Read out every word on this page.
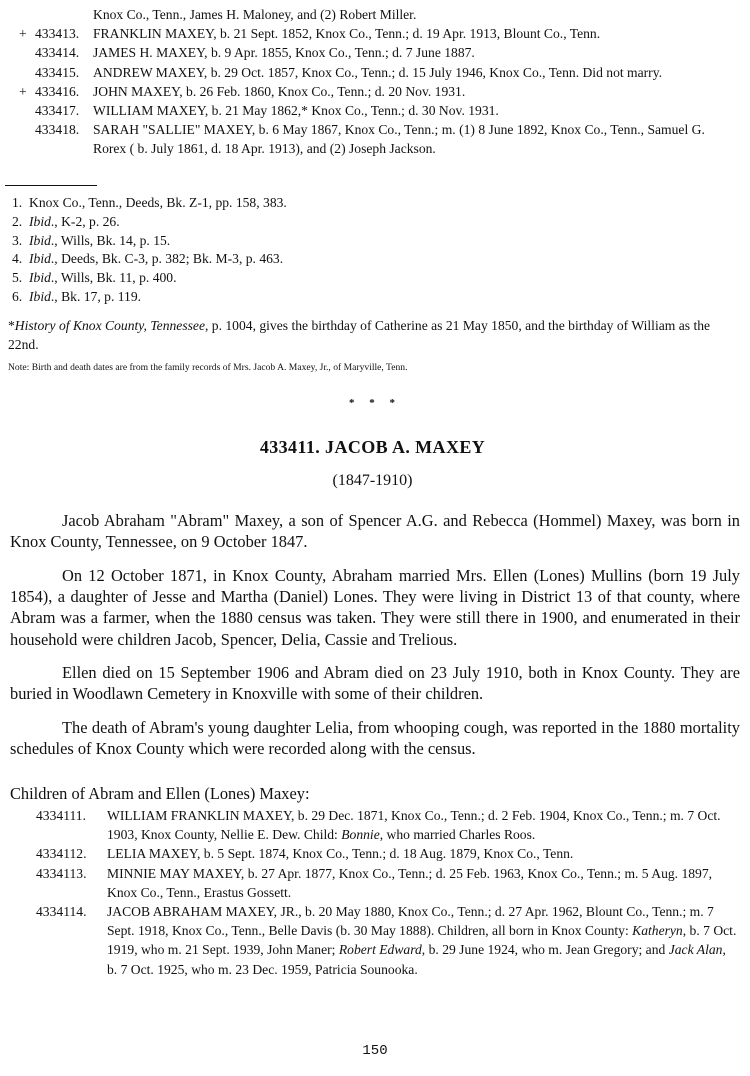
Knox Co., Tenn., James H. Maloney, and (2) Robert Miller.
+ 433413. FRANKLIN MAXEY, b. 21 Sept. 1852, Knox Co., Tenn.; d. 19 Apr. 1913, Blount Co., Tenn.
433414. JAMES H. MAXEY, b. 9 Apr. 1855, Knox Co., Tenn.; d. 7 June 1887.
433415. ANDREW MAXEY, b. 29 Oct. 1857, Knox Co., Tenn.; d. 15 July 1946, Knox Co., Tenn. Did not marry.
+ 433416. JOHN MAXEY, b. 26 Feb. 1860, Knox Co., Tenn.; d. 20 Nov. 1931.
433417. WILLIAM MAXEY, b. 21 May 1862,* Knox Co., Tenn.; d. 30 Nov. 1931.
433418. SARAH "SALLIE" MAXEY, b. 6 May 1867, Knox Co., Tenn.; m. (1) 8 June 1892, Knox Co., Tenn., Samuel G. Rorex ( b. July 1861, d. 18 Apr. 1913), and (2) Joseph Jackson.
1. Knox Co., Tenn., Deeds, Bk. Z-1, pp. 158, 383.
2. Ibid., K-2, p. 26.
3. Ibid., Wills, Bk. 14, p. 15.
4. Ibid., Deeds, Bk. C-3, p. 382; Bk. M-3, p. 463.
5. Ibid., Wills, Bk. 11, p. 400.
6. Ibid., Bk. 17, p. 119.
*History of Knox County, Tennessee, p. 1004, gives the birthday of Catherine as 21 May 1850, and the birthday of William as the 22nd.
Note: Birth and death dates are from the family records of Mrs. Jacob A. Maxey, Jr., of Maryville, Tenn.
* * *
433411. JACOB A. MAXEY
(1847-1910)

Jacob Abraham "Abram" Maxey, a son of Spencer A.G. and Rebecca (Hommel) Maxey, was born in Knox County, Tennessee, on 9 October 1847.

On 12 October 1871, in Knox County, Abraham married Mrs. Ellen (Lones) Mullins (born 19 July 1854), a daughter of Jesse and Martha (Daniel) Lones. They were living in District 13 of that county, where Abram was a farmer, when the 1880 census was taken. They were still there in 1900, and enumerated in their household were children Jacob, Spencer, Delia, Cassie and Trelious.

Ellen died on 15 September 1906 and Abram died on 23 July 1910, both in Knox County. They are buried in Woodlawn Cemetery in Knoxville with some of their children.

The death of Abram's young daughter Lelia, from whooping cough, was reported in the 1880 mortality schedules of Knox County which were recorded along with the census.

Children of Abram and Ellen (Lones) Maxey:
4334111. WILLIAM FRANKLIN MAXEY, b. 29 Dec. 1871, Knox Co., Tenn.; d. 2 Feb. 1904, Knox Co., Tenn.; m. 7 Oct. 1903, Knox County, Nellie E. Dew. Child: Bonnie, who married Charles Roos.
4334112. LELIA MAXEY, b. 5 Sept. 1874, Knox Co., Tenn.; d. 18 Aug. 1879, Knox Co., Tenn.
4334113. MINNIE MAY MAXEY, b. 27 Apr. 1877, Knox Co., Tenn.; d. 25 Feb. 1963, Knox Co., Tenn.; m. 5 Aug. 1897, Knox Co., Tenn., Erastus Gossett.
4334114. JACOB ABRAHAM MAXEY, JR., b. 20 May 1880, Knox Co., Tenn.; d. 27 Apr. 1962, Blount Co., Tenn.; m. 7 Sept. 1918, Knox Co., Tenn., Belle Davis (b. 30 May 1888). Children, all born in Knox County: Katheryn, b. 7 Oct. 1919, who m. 21 Sept. 1939, John Maner; Robert Edward, b. 29 June 1924, who m. Jean Gregory; and Jack Alan, b. 7 Oct. 1925, who m. 23 Dec. 1959, Patricia Sounooka.
150
